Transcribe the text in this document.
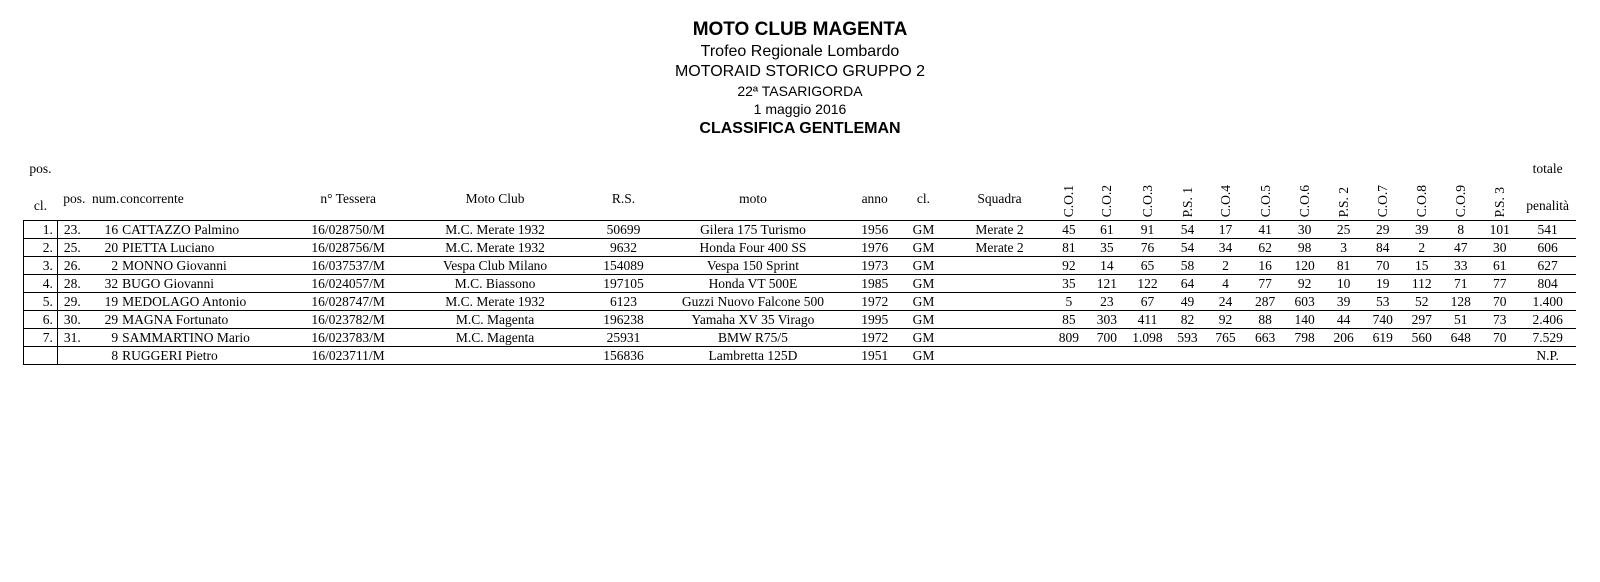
MOTO CLUB MAGENTA
Trofeo Regionale Lombardo
MOTORAID STORICO GRUPPO 2
22ª TASARIGORDA
1 maggio 2016
CLASSIFICA GENTLEMAN
pos.

cl.	pos.	num.	concorrente	n° Tessera	Moto Club	R.S.	moto	anno	cl.	Squadra	C.O.1	C.O.2	C.O.3	P.S. 1	C.O.4	C.O.5	C.O.6	P.S. 2	C.O.7	C.O.8	C.O.9	P.S. 3	totale

penalità

1.	23.	16	CATTAZZO Palmino	16/028750/M	M.C. Merate 1932	50699	Gilera 175 Turismo	1956	GM	Merate 2	45	61	91	54	17	41	30	25	29	39	8	101	541
2.	25.	20	PIETTA Luciano	16/028756/M	M.C. Merate 1932	9632	Honda Four 400 SS	1976	GM	Merate 2	81	35	76	54	34	62	98	3	84	2	47	30	606
3.	26.	2	MONNO Giovanni	16/037537/M	Vespa Club Milano	154089	Vespa 150 Sprint	1973	GM		92	14	65	58	2	16	120	81	70	15	33	61	627
4.	28.	32	BUGO Giovanni	16/024057/M	M.C. Biassono	197105	Honda VT 500E	1985	GM		35	121	122	64	4	77	92	10	19	112	71	77	804
5.	29.	19	MEDOLAGO Antonio	16/028747/M	M.C. Merate 1932	6123	Guzzi Nuovo Falcone 500	1972	GM		5	23	67	49	24	287	603	39	53	52	128	70	1.400
6.	30.	29	MAGNA Fortunato	16/023782/M	M.C. Magenta	196238	Yamaha XV 35 Virago	1995	GM		85	303	411	82	92	88	140	44	740	297	51	73	2.406
7.	31.	9	SAMMARTINO Mario	16/023783/M	M.C. Magenta	25931	BMW R75/5	1972	GM		809	700	1.098	593	765	663	798	206	619	560	648	70	7.529
		8	RUGGERI Pietro	16/023711/M		156836	Lambretta 125D	1951	GM														N.P.
